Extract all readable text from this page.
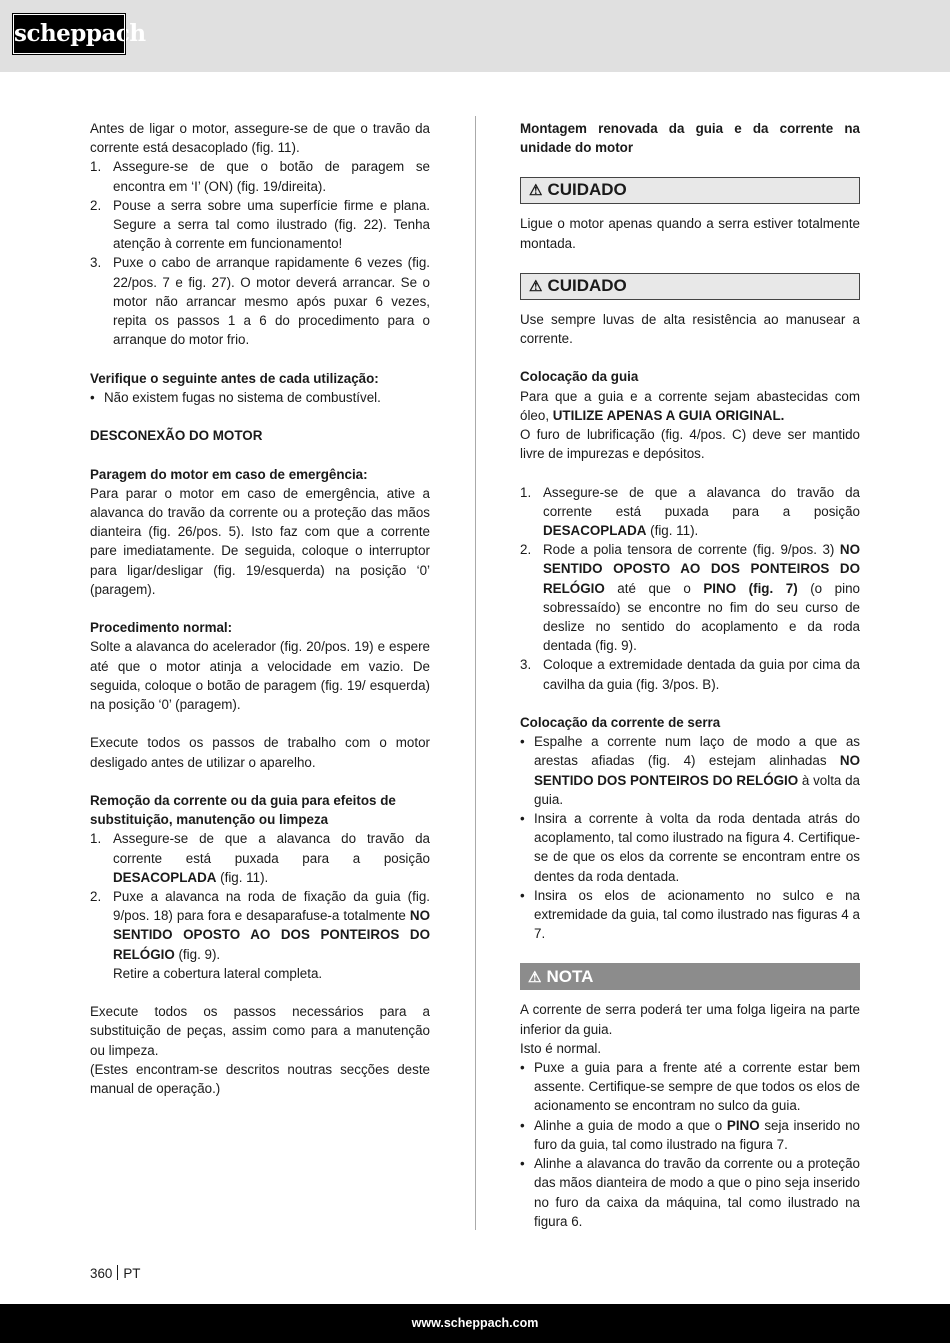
scheppach

Antes de ligar o motor, assegure-se de que o travão da corrente está desacoplado (fig. 11).

1. Assegure-se de que o botão de paragem se encontra em ‘I’ (ON) (fig. 19/direita).
2. Pouse a serra sobre uma superfície firme e plana. Segure a serra tal como ilustrado (fig. 22). Tenha atenção à corrente em funcionamento!
3. Puxe o cabo de arranque rapidamente 6 vezes (fig. 22/pos. 7 e fig. 27). O motor deverá arrancar. Se o motor não arrancar mesmo após puxar 6 vezes, repita os passos 1 a 6 do procedimento para o arranque do motor frio.

Verifique o seguinte antes de cada utilização:

• Não existem fugas no sistema de combustível.

DESCONEXÃO DO MOTOR

Paragem do motor em caso de emergência:

Para parar o motor em caso de emergência, ative a alavanca do travão da corrente ou a proteção das mãos dianteira (fig. 26/pos. 5). Isto faz com que a corrente pare imediatamente. De seguida, coloque o interruptor para ligar/desligar (fig. 19/esquerda) na posição ‘0’ (paragem).

Procedimento normal:

Solte a alavanca do acelerador (fig. 20/pos. 19) e espere até que o motor atinja a velocidade em vazio. De seguida, coloque o botão de paragem (fig. 19/ esquerda) na posição ‘0’ (paragem).

Execute todos os passos de trabalho com o motor desligado antes de utilizar o aparelho.

Remoção da corrente ou da guia para efeitos de substituição, manutenção ou limpeza

1. Assegure-se de que a alavanca do travão da corrente está puxada para a posição DESACOPLADA (fig. 11).
2. Puxe a alavanca na roda de fixação da guia (fig. 9/pos. 18) para fora e desaparafuse-a totalmente NO SENTIDO OPOSTO AO DOS PONTEIROS DO RELÓGIO (fig. 9).
Retire a cobertura lateral completa.

Execute todos os passos necessários para a substituição de peças, assim como para a manutenção ou limpeza.

(Estes encontram-se descritos noutras secções deste manual de operação.)

Montagem renovada da guia e da corrente na unidade do motor

⚠ CUIDADO

Ligue o motor apenas quando a serra estiver totalmente montada.

⚠ CUIDADO

Use sempre luvas de alta resistência ao manusear a corrente.

Colocação da guia

Para que a guia e a corrente sejam abastecidas com óleo, UTILIZE APENAS A GUIA ORIGINAL.

O furo de lubrificação (fig. 4/pos. C) deve ser mantido livre de impurezas e depósitos.

1. Assegure-se de que a alavanca do travão da corrente está puxada para a posição DESACOPLADA (fig. 11).
2. Rode a polia tensora de corrente (fig. 9/pos. 3) NO SENTIDO OPOSTO AO DOS PONTEIROS DO RELÓGIO até que o PINO (fig. 7) (o pino sobressaído) se encontre no fim do seu curso de deslize no sentido do acoplamento e da roda dentada (fig. 9).
3. Coloque a extremidade dentada da guia por cima da cavilha da guia (fig. 3/pos. B).

Colocação da corrente de serra

• Espalhe a corrente num laço de modo a que as arestas afiadas (fig. 4) estejam alinhadas NO SENTIDO DOS PONTEIROS DO RELÓGIO à volta da guia.
• Insira a corrente à volta da roda dentada atrás do acoplamento, tal como ilustrado na figura 4. Certifique-se de que os elos da corrente se encontram entre os dentes da roda dentada.
• Insira os elos de acionamento no sulco e na extremidade da guia, tal como ilustrado nas figuras 4 a 7.
⚠ NOTA

A corrente de serra poderá ter uma folga ligeira na parte inferior da guia.

Isto é normal.

• Puxe a guia para a frente até a corrente estar bem assente. Certifique-se sempre de que todos os elos de acionamento se encontram no sulco da guia.
• Alinhe a guia de modo a que o PINO seja inserido no furo da guia, tal como ilustrado na figura 7.
• Alinhe a alavanca do travão da corrente ou a proteção das mãos dianteira de modo a que o pino seja inserido no furo da caixa da máquina, tal como ilustrado na figura 6.
360 PT
www.scheppach.com
